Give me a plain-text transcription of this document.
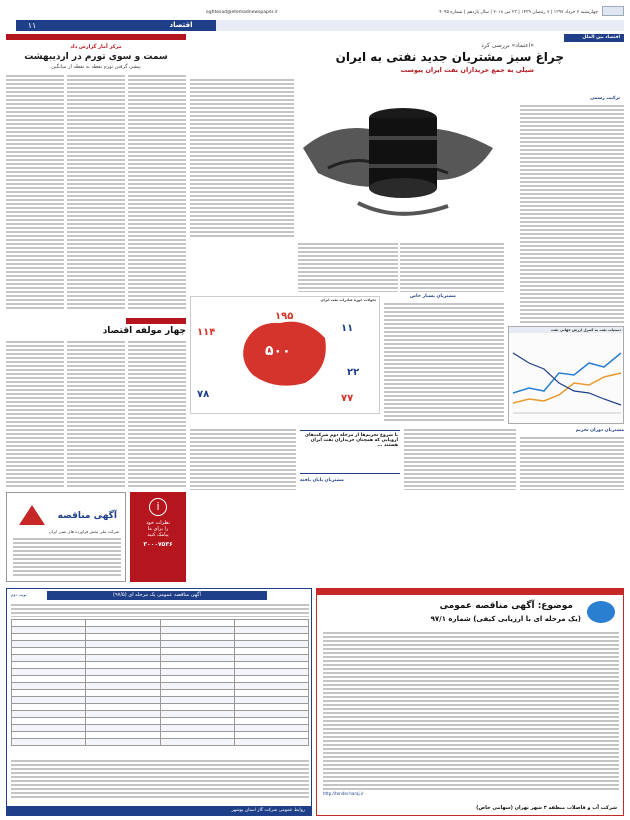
چهارشنبه ۲ خرداد ۱۳۹۷ | ۷ رمضان ۱۴۳۹ | ۲۳ می ۲۰۱۸ | سال یازدهم | شماره ۴۰۹۵
eghtesad@etemadnewspaper.ir
۱۱	اقتصاد
مرکز آمار گزارش داد
سمت و سوی تورم در اردیبهشت
پیشی گرفتن تورم نقطه به نقطه از میانگین
اقتصاد بین الملل
«اعتماد» بررسی کرد
چراغ سبز مشتریان جدید نفتی به ایران
شیلی به جمع خریداران نفت ایران پیوست
ترکیب رسمی
مشتریان بسیار خاص
دستیاب نفت به کنترل ارزش جهانی نفت
تحولات حوزه صادرات نفت ایران
۵۰۰
۱۹۵
۱۱۴	۱۱
۲۲
۷۸	۷۷
مشتریان دوران تحریم
با شروع تحریم‌ها از مرحله دوم شرکت‌های اروپایی که همچنان خریداران نفت ایران هستند ...
مشتریان پایان یافته
چهار مولفه اقتصاد
آگهی مناقصه
شرکت ملی پخش فراورده های نفتی ایران
i
نظرات خود
را برای ما
پیامک کنید
۳۰۰۰۷۵۳۶
آگهی مناقصه عمومی یک مرحله ای (۹۷/۵)
نوبت دوم

روابط عمومی شرکت گاز استان بوشهر
موضوع: آگهی مناقصه عمومی
(یک مرحله ای با ارزیابی کیفی) شماره ۹۷/۱
http://tender.haraj.ir
شرکت آب و فاضلاب منطقه ۳ شهر تهران (سهامی خاص)
